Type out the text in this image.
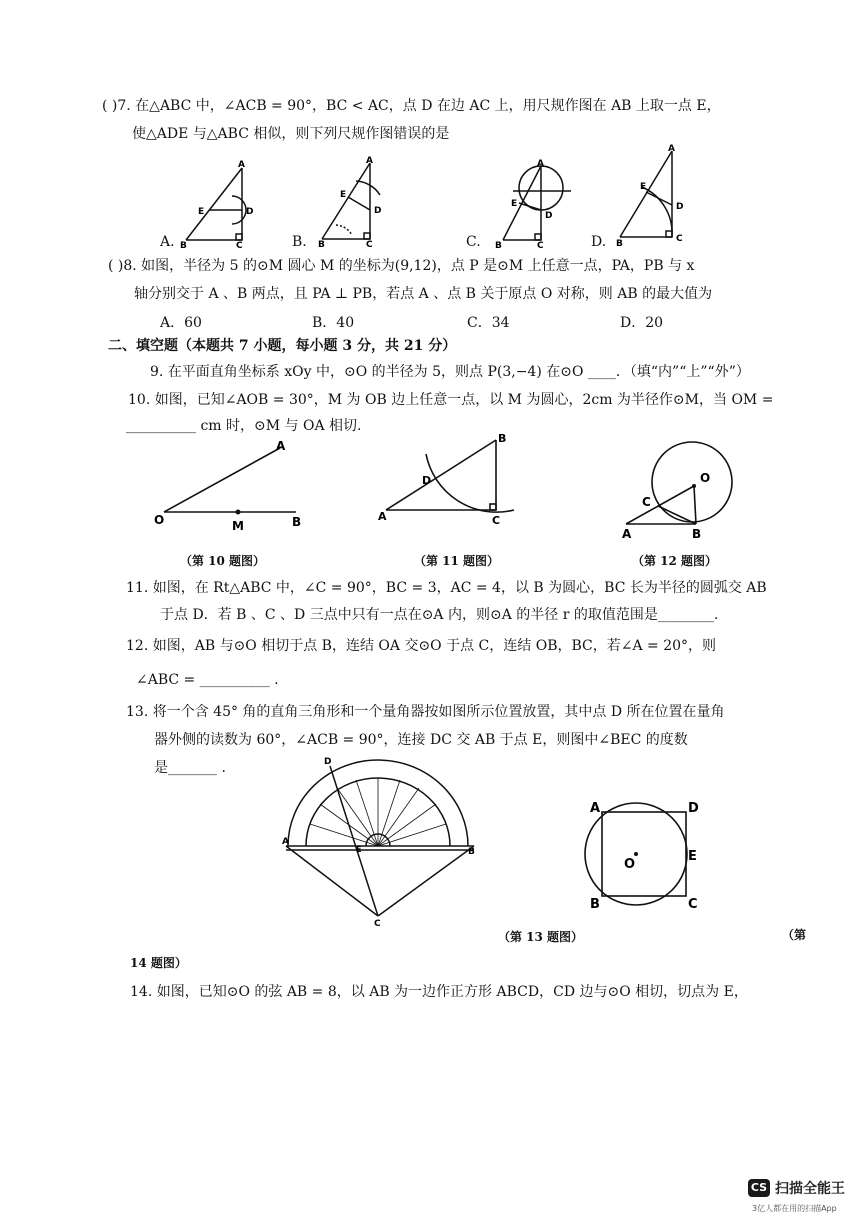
( )7. 在△ABC 中，∠ACB = 90°，BC < AC，点 D 在边 AC 上，用尺规作图在 AB 上取一点 E，
使△ADE 与△ABC 相似，则下列尺规作图错误的是
A
E	D
B	C
A.
A
E
D
B	C
B.
A
E
D
B	C
C.
A
E
D
B	C
D.
( )8. 如图，半径为 5 的⊙M 圆心 M 的坐标为(9,12)，点 P 是⊙M 上任意一点，PA，PB 与 x
轴分别交于 A 、B 两点，且 PA ⊥ PB，若点 A 、点 B 关于原点 O 对称，则 AB 的最大值为
A．60	B．40	C．34	D．20
二、填空题（本题共 7 小题，每小题 3 分，共 21 分）
9. 在平面直角坐标系 xOy 中，⊙O 的半径为 5，则点 P(3,−4) 在⊙O ____．（填“内”“上”“外”）
10. 如图，已知∠AOB = 30°，M 为 OB 边上任意一点，以 M 为圆心，2cm 为半径作⊙M，当 OM =
__________ cm 时，⊙M 与 OA 相切.
A
O	M	B
（第 10 题图）
B
D
A	C
（第 11 题图）
O
C
A	B
（第 12 题图）
11. 如图，在 Rt△ABC 中，∠C = 90°，BC = 3，AC = 4，以 B 为圆心，BC 长为半径的圆弧交 AB
于点 D．若 B 、C 、D 三点中只有一点在⊙A 内，则⊙A 的半径 r 的取值范围是________.
12. 如图，AB 与⊙O 相切于点 B，连结 OA 交⊙O 于点 C，连结 OB，BC，若∠A = 20°，则
∠ABC = __________ .
13. 将一个含 45° 角的直角三角形和一个量角器按如图所示位置放置，其中点 D 所在位置在量角
器外侧的读数为 60°，∠ACB = 90°，连接 DC 交 AB 于点 E，则图中∠BEC 的度数
是_______ .	D
A
B
C
E
A	D
E
O
B	C
（第 13 题图）	（第
14 题图）
14. 如图，已知⊙O 的弦 AB = 8，以 AB 为一边作正方形 ABCD，CD 边与⊙O 相切，切点为 E，
CS 扫描全能王
3亿人都在用的扫描App
